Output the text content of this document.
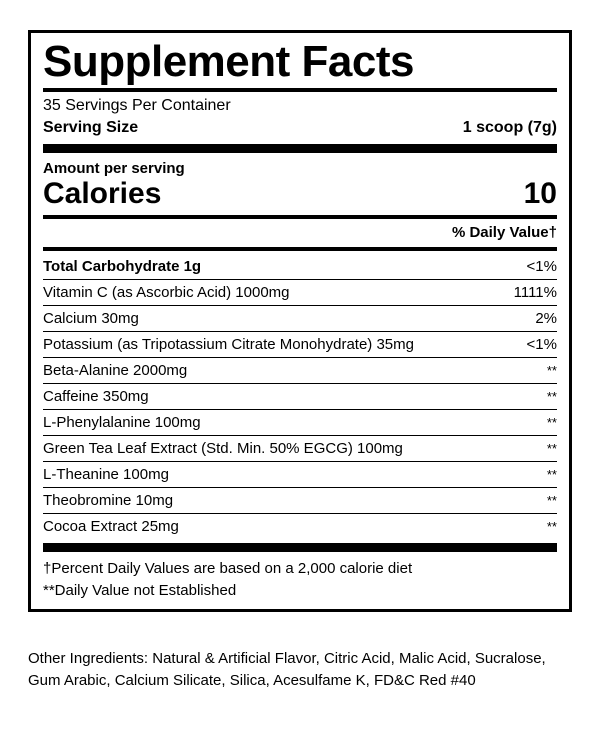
Supplement Facts
35 Servings Per Container
Serving Size	1 scoop (7g)
Amount per serving
Calories	10
% Daily Value†
Total Carbohydrate 1g	<1%
Vitamin C (as Ascorbic Acid) 1000mg	1111%
Calcium 30mg	2%
Potassium (as Tripotassium Citrate Monohydrate) 35mg	<1%
Beta-Alanine 2000mg	**
Caffeine 350mg	**
L-Phenylalanine 100mg	**
Green Tea Leaf Extract (Std. Min. 50% EGCG) 100mg	**
L-Theanine 100mg	**
Theobromine 10mg	**
Cocoa Extract 25mg	**
†Percent Daily Values are based on a 2,000 calorie diet
**Daily Value not Established
Other Ingredients: Natural & Artificial Flavor, Citric Acid, Malic Acid, Sucralose, Gum Arabic, Calcium Silicate, Silica, Acesulfame K, FD&C Red #40
